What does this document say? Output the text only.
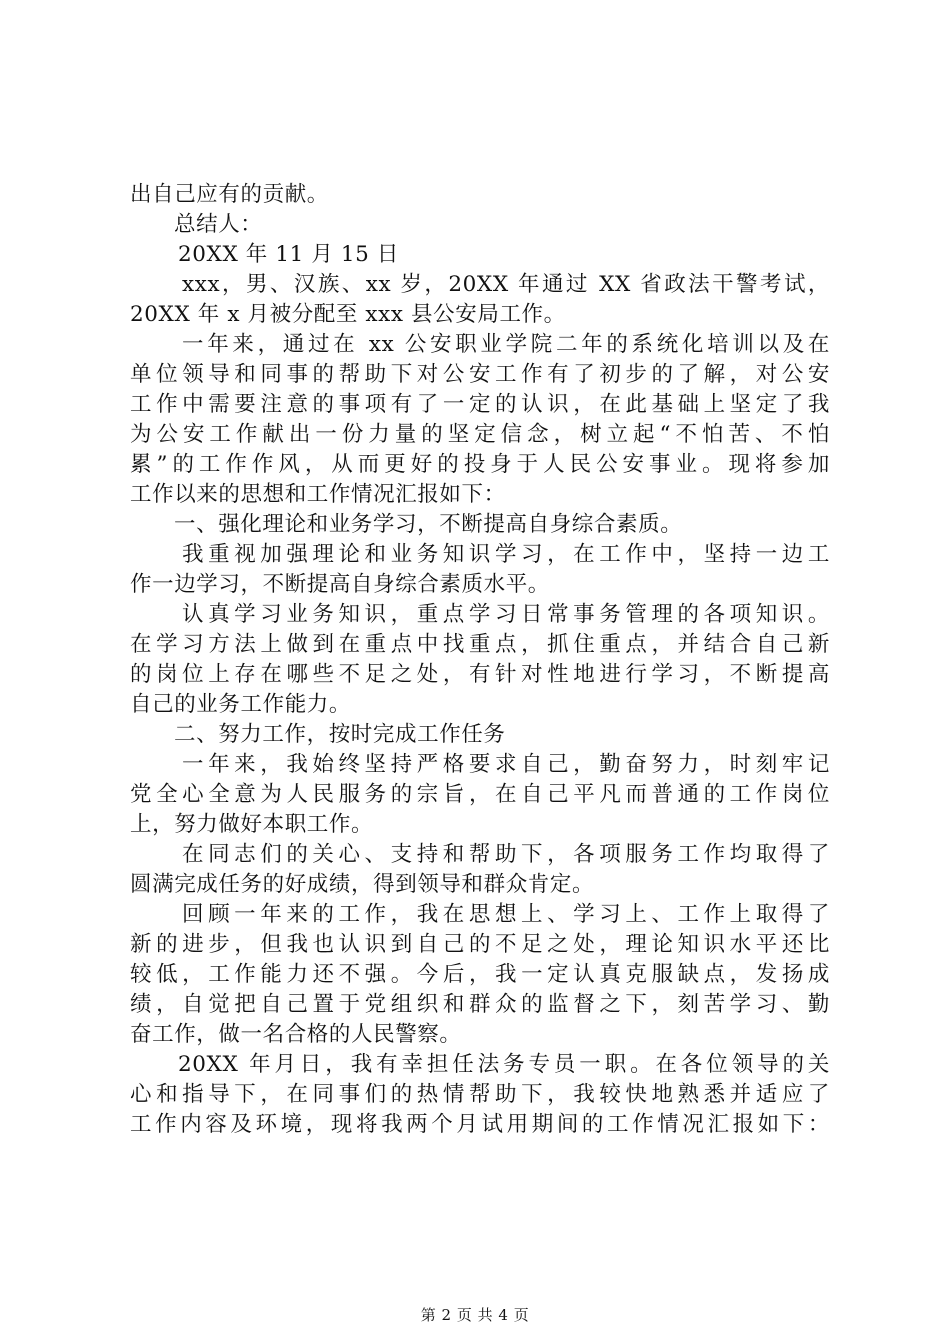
出自己应有的贡献。

总结人：

20XX 年 11 月 15 日

xxx，男、汉族、xx 岁，20XX 年通过 XX 省政法干警考试，

20XX 年 x 月被分配至 xxx 县公安局工作。

一年来，通过在 xx 公安职业学院二年的系统化培训以及在

单位领导和同事的帮助下对公安工作有了初步的了解，对公安

工作中需要注意的事项有了一定的认识，在此基础上坚定了我

为公安工作献出一份力量的坚定信念，树立起“不怕苦、不怕

累”的工作作风，从而更好的投身于人民公安事业。现将参加

工作以来的思想和工作情况汇报如下：

一、强化理论和业务学习，不断提高自身综合素质。

我重视加强理论和业务知识学习，在工作中，坚持一边工

作一边学习，不断提高自身综合素质水平。

认真学习业务知识，重点学习日常事务管理的各项知识。

在学习方法上做到在重点中找重点，抓住重点，并结合自己新

的岗位上存在哪些不足之处，有针对性地进行学习，不断提高

自己的业务工作能力。

二、努力工作，按时完成工作任务

一年来，我始终坚持严格要求自己，勤奋努力，时刻牢记

党全心全意为人民服务的宗旨，在自己平凡而普通的工作岗位

上，努力做好本职工作。

在同志们的关心、支持和帮助下，各项服务工作均取得了

圆满完成任务的好成绩，得到领导和群众肯定。

回顾一年来的工作，我在思想上、学习上、工作上取得了

新的进步，但我也认识到自己的不足之处，理论知识水平还比

较低，工作能力还不强。今后，我一定认真克服缺点，发扬成

绩，自觉把自己置于党组织和群众的监督之下，刻苦学习、勤

奋工作，做一名合格的人民警察。

20XX 年月日，我有幸担任法务专员一职。在各位领导的关

心和指导下，在同事们的热情帮助下，我较快地熟悉并适应了

工作内容及环境，现将我两个月试用期间的工作情况汇报如下：

第 2 页 共 4 页
